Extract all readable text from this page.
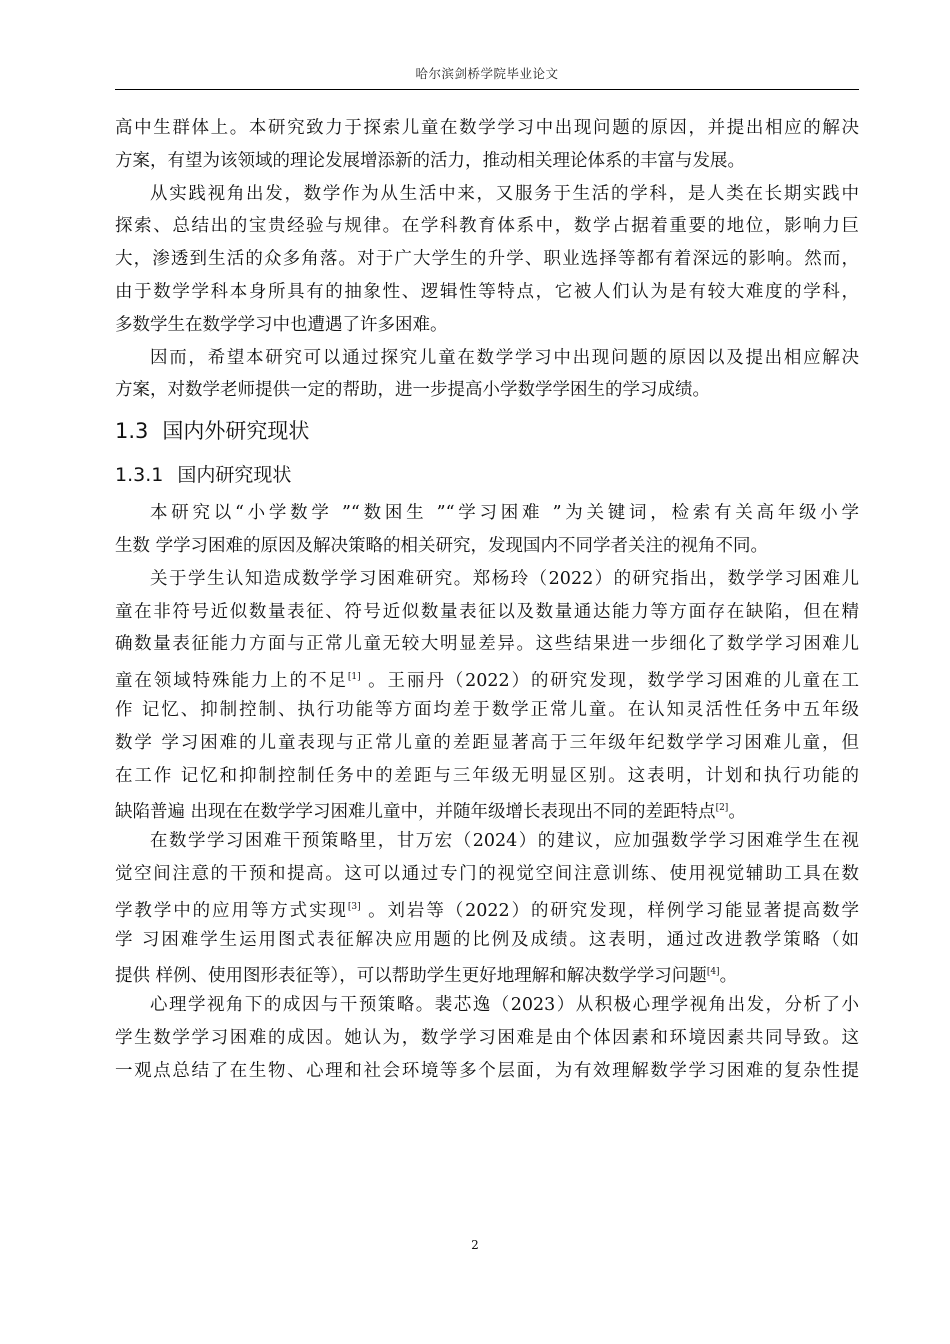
哈尔滨剑桥学院毕业论文
高中生群体上。本研究致力于探索儿童在数学学习中出现问题的原因，并提出相应的解决
方案，有望为该领域的理论发展增添新的活力，推动相关理论体系的丰富与发展。
从实践视角出发，数学作为从生活中来，又服务于生活的学科，是人类在长期实践中
探索、总结出的宝贵经验与规律。在学科教育体系中，数学占据着重要的地位，影响力巨
大，渗透到生活的众多角落。对于广大学生的升学、职业选择等都有着深远的影响。然而，
由于数学学科本身所具有的抽象性、逻辑性等特点，它被人们认为是有较大难度的学科，
多数学生在数学学习中也遭遇了许多困难。
因而，希望本研究可以通过探究儿童在数学学习中出现问题的原因以及提出相应解决
方案，对数学老师提供一定的帮助，进一步提高小学数学学困生的学习成绩。
1.3 国内外研究现状
1.3.1 国内研究现状
本研究以“小学数学 ”“数困生 ”“学习困难 ”为关键词，检索有关高年级小学
生数 学学习困难的原因及解决策略的相关研究，发现国内不同学者关注的视角不同。
关于学生认知造成数学学习困难研究。郑杨玲（2022）的研究指出，数学学习困难儿
童在非符号近似数量表征、符号近似数量表征以及数量通达能力等方面存在缺陷，但在精
确数量表征能力方面与正常儿童无较大明显差异。这些结果进一步细化了数学学习困难儿
童在领域特殊能力上的不足[1] 。王丽丹（2022）的研究发现，数学学习困难的儿童在工
作 记忆、抑制控制、执行功能等方面均差于数学正常儿童。在认知灵活性任务中五年级
数学 学习困难的儿童表现与正常儿童的差距显著高于三年级年纪数学学习困难儿童，但
在工作 记忆和抑制控制任务中的差距与三年级无明显区别。这表明，计划和执行功能的
缺陷普遍 出现在在数学学习困难儿童中，并随年级增长表现出不同的差距特点[2]。
在数学学习困难干预策略里，甘万宏（2024）的建议，应加强数学学习困难学生在视
觉空间注意的干预和提高。这可以通过专门的视觉空间注意训练、使用视觉辅助工具在数
学教学中的应用等方式实现[3] 。刘岩等（2022）的研究发现，样例学习能显著提高数学
学 习困难学生运用图式表征解决应用题的比例及成绩。这表明，通过改进教学策略（如
提供 样例、使用图形表征等），可以帮助学生更好地理解和解决数学学习问题[4]。
心理学视角下的成因与干预策略。裴芯逸（2023）从积极心理学视角出发，分析了小
学生数学学习困难的成因。她认为，数学学习困难是由个体因素和环境因素共同导致。这
一观点总结了在生物、心理和社会环境等多个层面，为有效理解数学学习困难的复杂性提
2
